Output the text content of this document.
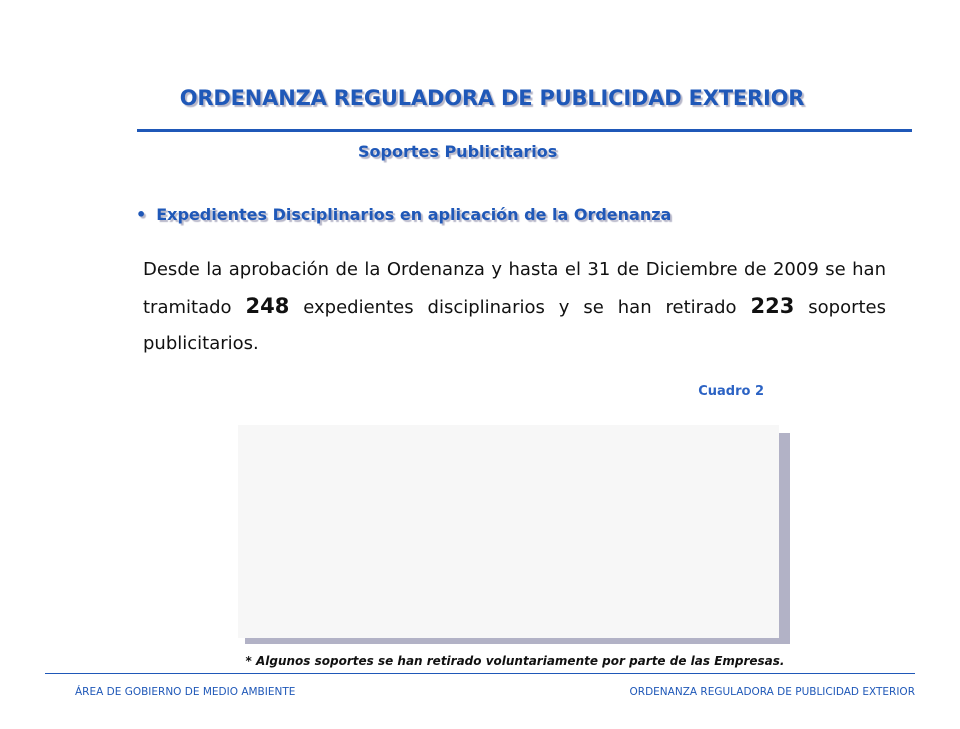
ORDENANZA REGULADORA DE PUBLICIDAD EXTERIOR
Soportes Publicitarios
• Expedientes Disciplinarios en aplicación de la Ordenanza
Desde la aprobación de la Ordenanza y hasta el 31 de Diciembre de 2009 se han tramitado 248 expedientes disciplinarios y se han retirado 223 soportes publicitarios.
Cuadro 2
* Algunos soportes se han retirado voluntariamente por parte de las Empresas.
ÁREA DE GOBIERNO DE MEDIO AMBIENTE	ORDENANZA REGULADORA DE PUBLICIDAD EXTERIOR
